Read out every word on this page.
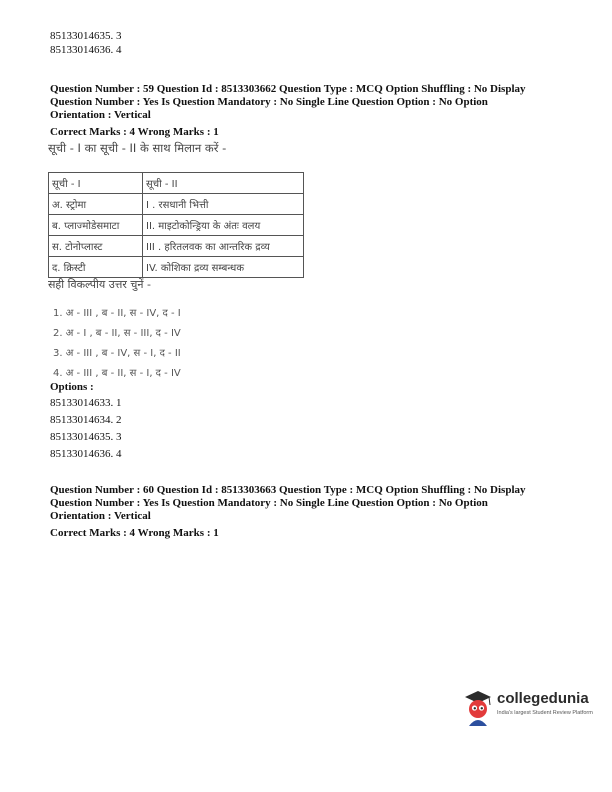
85133014635. 3
85133014636. 4
Question Number : 59 Question Id : 8513303662 Question Type : MCQ Option Shuffling : No Display
Question Number : Yes Is Question Mandatory : No Single Line Question Option : No Option
Orientation : Vertical
Correct Marks : 4 Wrong Marks : 1
सूची - I का सूची - II के साथ मिलान करें -
सूची - I	सूची - II
अ. स्ट्रोमा	I . रसधानी भित्ती
ब. प्लाज्मोडेसमाटा	II. माइटोकोन्ड्रिया के अंतः वलय
स. टोनोप्लास्ट	III . हरितलवक का आन्तरिक द्रव्य
द. क्रिस्टी	IV. कोशिका द्रव्य सम्बन्धक
सही विकल्पीय उत्तर चुनें -
1. अ - III , ब - II, स - IV, द - I
2. अ - I , ब - II, स - III, द - IV
3. अ - III , ब - IV, स - I, द - II
4. अ - III , ब - II, स - I, द - IV
Options :
85133014633. 1
85133014634. 2
85133014635. 3
85133014636. 4
Question Number : 60 Question Id : 8513303663 Question Type : MCQ Option Shuffling : No Display
Question Number : Yes Is Question Mandatory : No Single Line Question Option : No Option
Orientation : Vertical
Correct Marks : 4 Wrong Marks : 1
collegedunia
India's largest Student Review Platform
